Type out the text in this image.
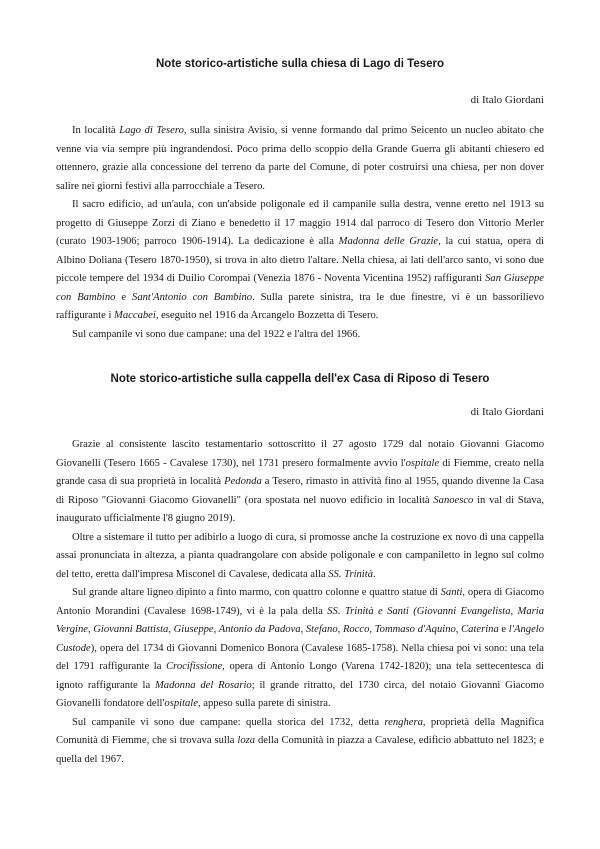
Note storico-artistiche sulla chiesa di Lago di Tesero

di Italo Giordani

In località Lago di Tesero, sulla sinistra Avisio, si venne formando dal primo Seicento un nucleo abitato che venne via via sempre più ingrandendosi. Poco prima dello scoppio della Grande Guerra gli abitanti chiesero ed ottennero, grazie alla concessione del terreno da parte del Comune, di poter costruirsi una chiesa, per non dover salire nei giorni festivi alla parrocchiale a Tesero.

Il sacro edificio, ad un'aula, con un'abside poligonale ed il campanile sulla destra, venne eretto nel 1913 su progetto di Giuseppe Zorzi di Ziano e benedetto il 17 maggio 1914 dal parroco di Tesero don Vittorio Merler (curato 1903-1906; parroco 1906-1914). La dedicazione è alla Madonna delle Grazie, la cui statua, opera di Albino Doliana (Tesero 1870-1950), si trova in alto dietro l'altare. Nella chiesa, ai lati dell'arco santo, vi sono due piccole tempere del 1934 di Duilio Corompai (Venezia 1876 - Noventa Vicentina 1952) raffiguranti San Giuseppe con Bambino e Sant'Antonio con Bambino. Sulla parete sinistra, tra le due finestre, vi è un bassorilievo raffigurante i Maccabei, eseguito nel 1916 da Arcangelo Bozzetta di Tesero.

Sul campanile vi sono due campane: una del 1922 e l'altra del 1966.

Note storico-artistiche sulla cappella dell'ex Casa di Riposo di Tesero

di Italo Giordani

Grazie al consistente lascito testamentario sottoscritto il 27 agosto 1729 dal notaio Giovanni Giacomo Giovanelli (Tesero 1665 - Cavalese 1730), nel 1731 presero formalmente avvio l'ospitale di Fiemme, creato nella grande casa di sua proprietà in località Pedonda a Tesero, rimasto in attività fino al 1955, quando divenne la Casa di Riposo "Giovanni Giacomo Giovanelli" (ora spostata nel nuovo edificio in località Sanoesco in val di Stava, inaugurato ufficialmente l'8 giugno 2019).

Oltre a sistemare il tutto per adibirlo a luogo di cura, si promosse anche la costruzione ex novo di una cappella assai pronunciata in altezza, a pianta quadrangolare con abside poligonale e con campaniletto in legno sul colmo del tetto, eretta dall'impresa Misconel di Cavalese, dedicata alla SS. Trinità.

Sul grande altare ligneo dipinto a finto marmo, con quattro colonne e quattro statue di Santi, opera di Giacomo Antonio Morandini (Cavalese 1698-1749), vi è la pala della SS. Trinità e Santi (Giovanni Evangelista, Maria Vergine, Giovanni Battista, Giuseppe, Antonio da Padova, Stefano, Rocco, Tommaso d'Aquino, Caterina e l'Angelo Custode), opera del 1734 di Giovanni Domenico Bonora (Cavalese 1685-1758). Nella chiesa poi vi sono: una tela del 1791 raffigurante la Crocifissione, opera di Antonio Longo (Varena 1742-1820); una tela settecentesca di ignoto raffigurante la Madonna del Rosario; il grande ritratto, del 1730 circa, del notaio Giovanni Giacomo Giovanelli fondatore dell'ospitale, appeso sulla parete di sinistra.

Sul campanile vi sono due campane: quella storica del 1732, detta renghera, proprietà della Magnifica Comunità di Fiemme, che si trovava sulla loza della Comunità in piazza a Cavalese, edificio abbattuto nel 1823; e quella del 1967.
